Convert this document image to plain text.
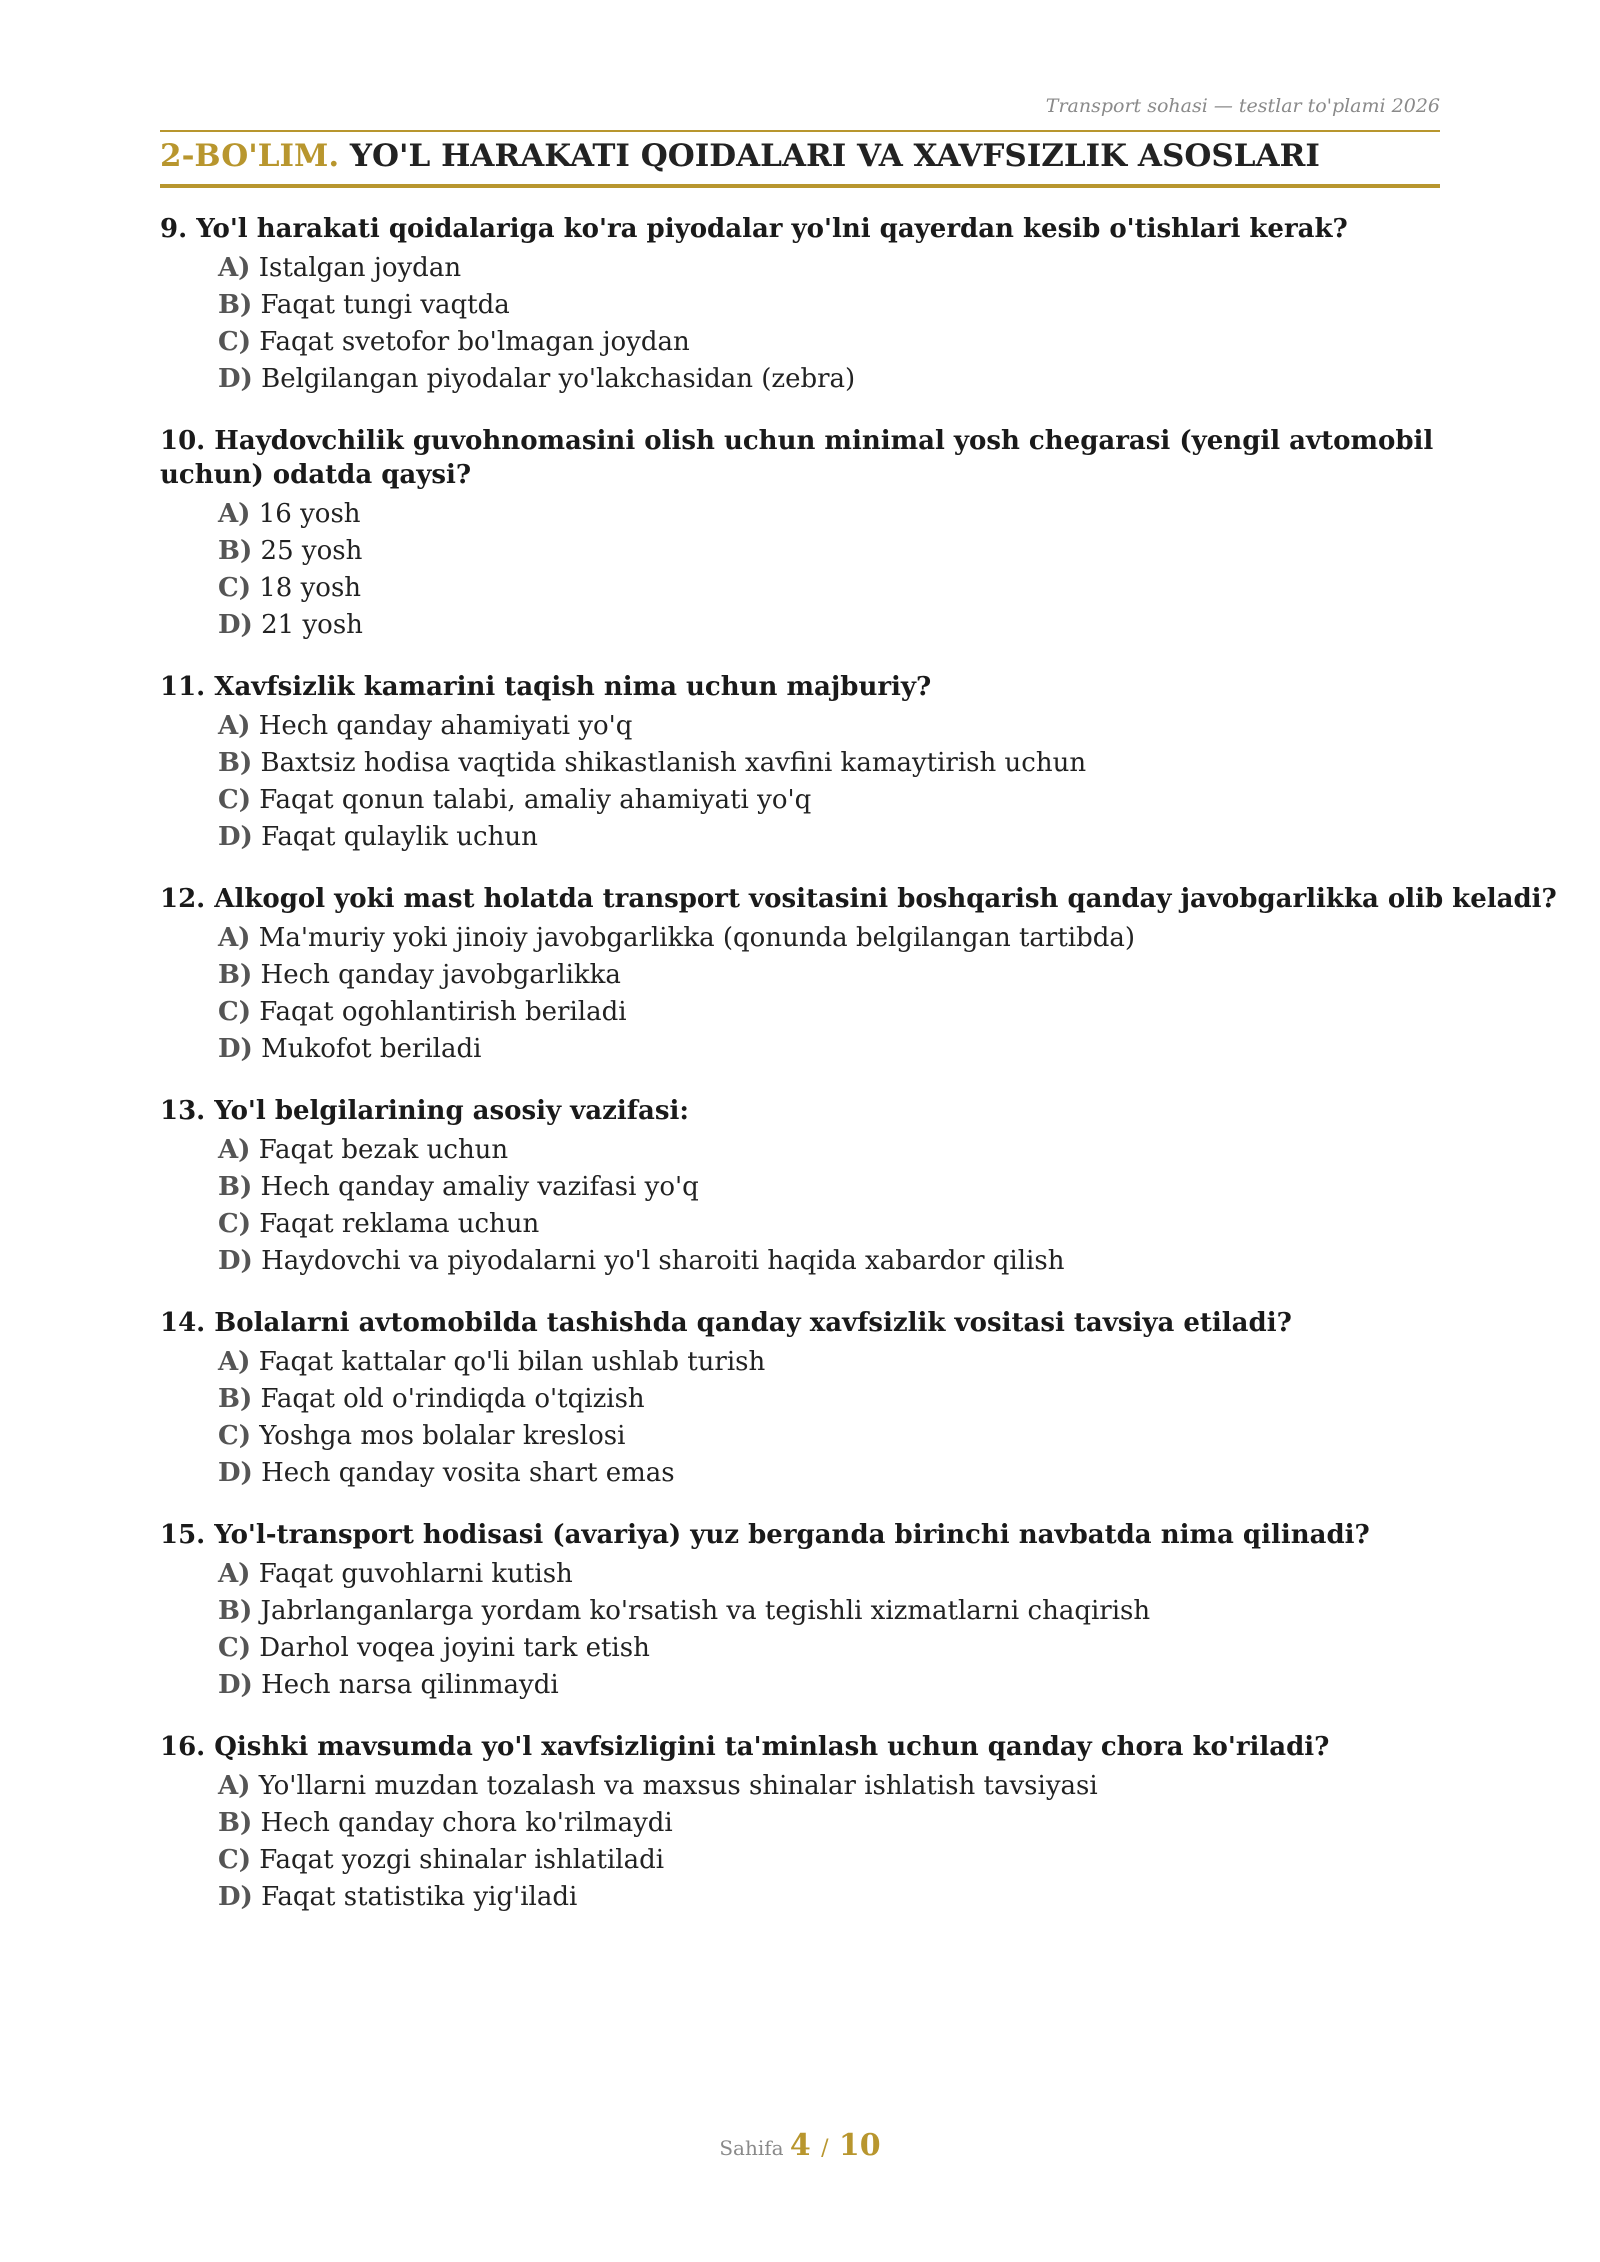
Transport sohasi — testlar to'plami 2026
2-BO'LIM. YO'L HARAKATI QOIDALARI VA XAVFSIZLIK ASOSLARI
9. Yo'l harakati qoidalariga ko'ra piyodalar yo'lni qayerdan kesib o'tishlari kerak?
A) Istalgan joydan
B) Faqat tungi vaqtda
C) Faqat svetofor bo'lmagan joydan
D) Belgilangan piyodalar yo'lakchasidan (zebra)
10. Haydovchilik guvohnomasini olish uchun minimal yosh chegarasi (yengil avtomobil uchun) odatda qaysi?
A) 16 yosh
B) 25 yosh
C) 18 yosh
D) 21 yosh
11. Xavfsizlik kamarini taqish nima uchun majburiy?
A) Hech qanday ahamiyati yo'q
B) Baxtsiz hodisa vaqtida shikastlanish xavfini kamaytirish uchun
C) Faqat qonun talabi, amaliy ahamiyati yo'q
D) Faqat qulaylik uchun
12. Alkogol yoki mast holatda transport vositasini boshqarish qanday javobgarlikka olib keladi?
A) Ma'muriy yoki jinoiy javobgarlikka (qonunda belgilangan tartibda)
B) Hech qanday javobgarlikka
C) Faqat ogohlantirish beriladi
D) Mukofot beriladi
13. Yo'l belgilarining asosiy vazifasi:
A) Faqat bezak uchun
B) Hech qanday amaliy vazifasi yo'q
C) Faqat reklama uchun
D) Haydovchi va piyodalarni yo'l sharoiti haqida xabardor qilish
14. Bolalarni avtomobilda tashishda qanday xavfsizlik vositasi tavsiya etiladi?
A) Faqat kattalar qo'li bilan ushlab turish
B) Faqat old o'rindiqda o'tqizish
C) Yoshga mos bolalar kreslosi
D) Hech qanday vosita shart emas
15. Yo'l-transport hodisasi (avariya) yuz berganda birinchi navbatda nima qilinadi?
A) Faqat guvohlarni kutish
B) Jabrlanganlarga yordam ko'rsatish va tegishli xizmatlarni chaqirish
C) Darhol voqea joyini tark etish
D) Hech narsa qilinmaydi
16. Qishki mavsumda yo'l xavfsizligini ta'minlash uchun qanday chora ko'riladi?
A) Yo'llarni muzdan tozalash va maxsus shinalar ishlatish tavsiyasi
B) Hech qanday chora ko'rilmaydi
C) Faqat yozgi shinalar ishlatiladi
D) Faqat statistika yig'iladi
Sahifa 4 / 10
